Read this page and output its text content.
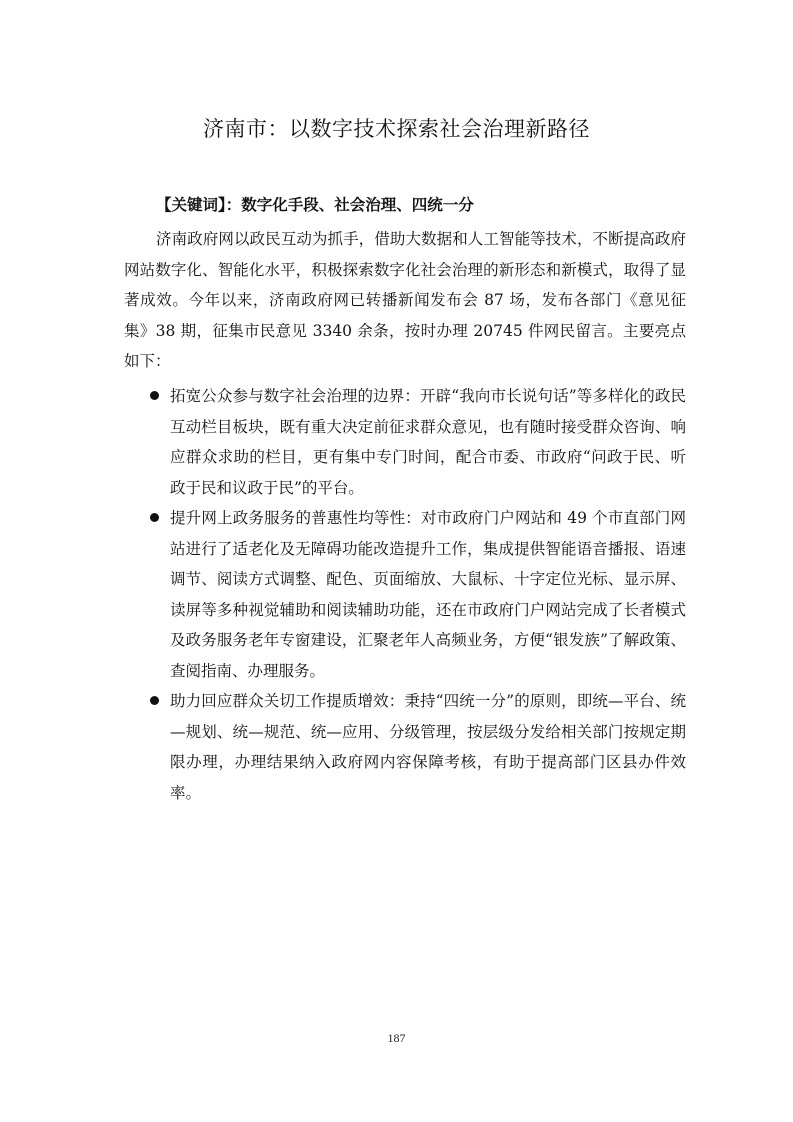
济南市：以数字技术探索社会治理新路径
【关键词】：数字化手段、社会治理、四统一分

济南政府网以政民互动为抓手，借助大数据和人工智能等技术，不断提高政府网站数字化、智能化水平，积极探索数字化社会治理的新形态和新模式，取得了显著成效。今年以来，济南政府网已转播新闻发布会 87 场，发布各部门《意见征集》38 期，征集市民意见 3340 余条，按时办理 20745 件网民留言。主要亮点如下：

拓宽公众参与数字社会治理的边界：开辟“我向市长说句话”等多样化的政民互动栏目板块，既有重大决定前征求群众意见，也有随时接受群众咨询、响应群众求助的栏目，更有集中专门时间，配合市委、市政府“问政于民、听政于民和议政于民”的平台。
提升网上政务服务的普惠性均等性：对市政府门户网站和 49 个市直部门网站进行了适老化及无障碍功能改造提升工作，集成提供智能语音播报、语速调节、阅读方式调整、配色、页面缩放、大鼠标、十字定位光标、显示屏、读屏等多种视觉辅助和阅读辅助功能，还在市政府门户网站完成了长者模式及政务服务老年专窗建设，汇聚老年人高频业务，方便“银发族”了解政策、查阅指南、办理服务。
助力回应群众关切工作提质增效：秉持“四统一分”的原则，即统—平台、统—规划、统—规范、统—应用、分级管理，按层级分发给相关部门按规定期限办理，办理结果纳入政府网内容保障考核，有助于提高部门区县办件效率。
187
